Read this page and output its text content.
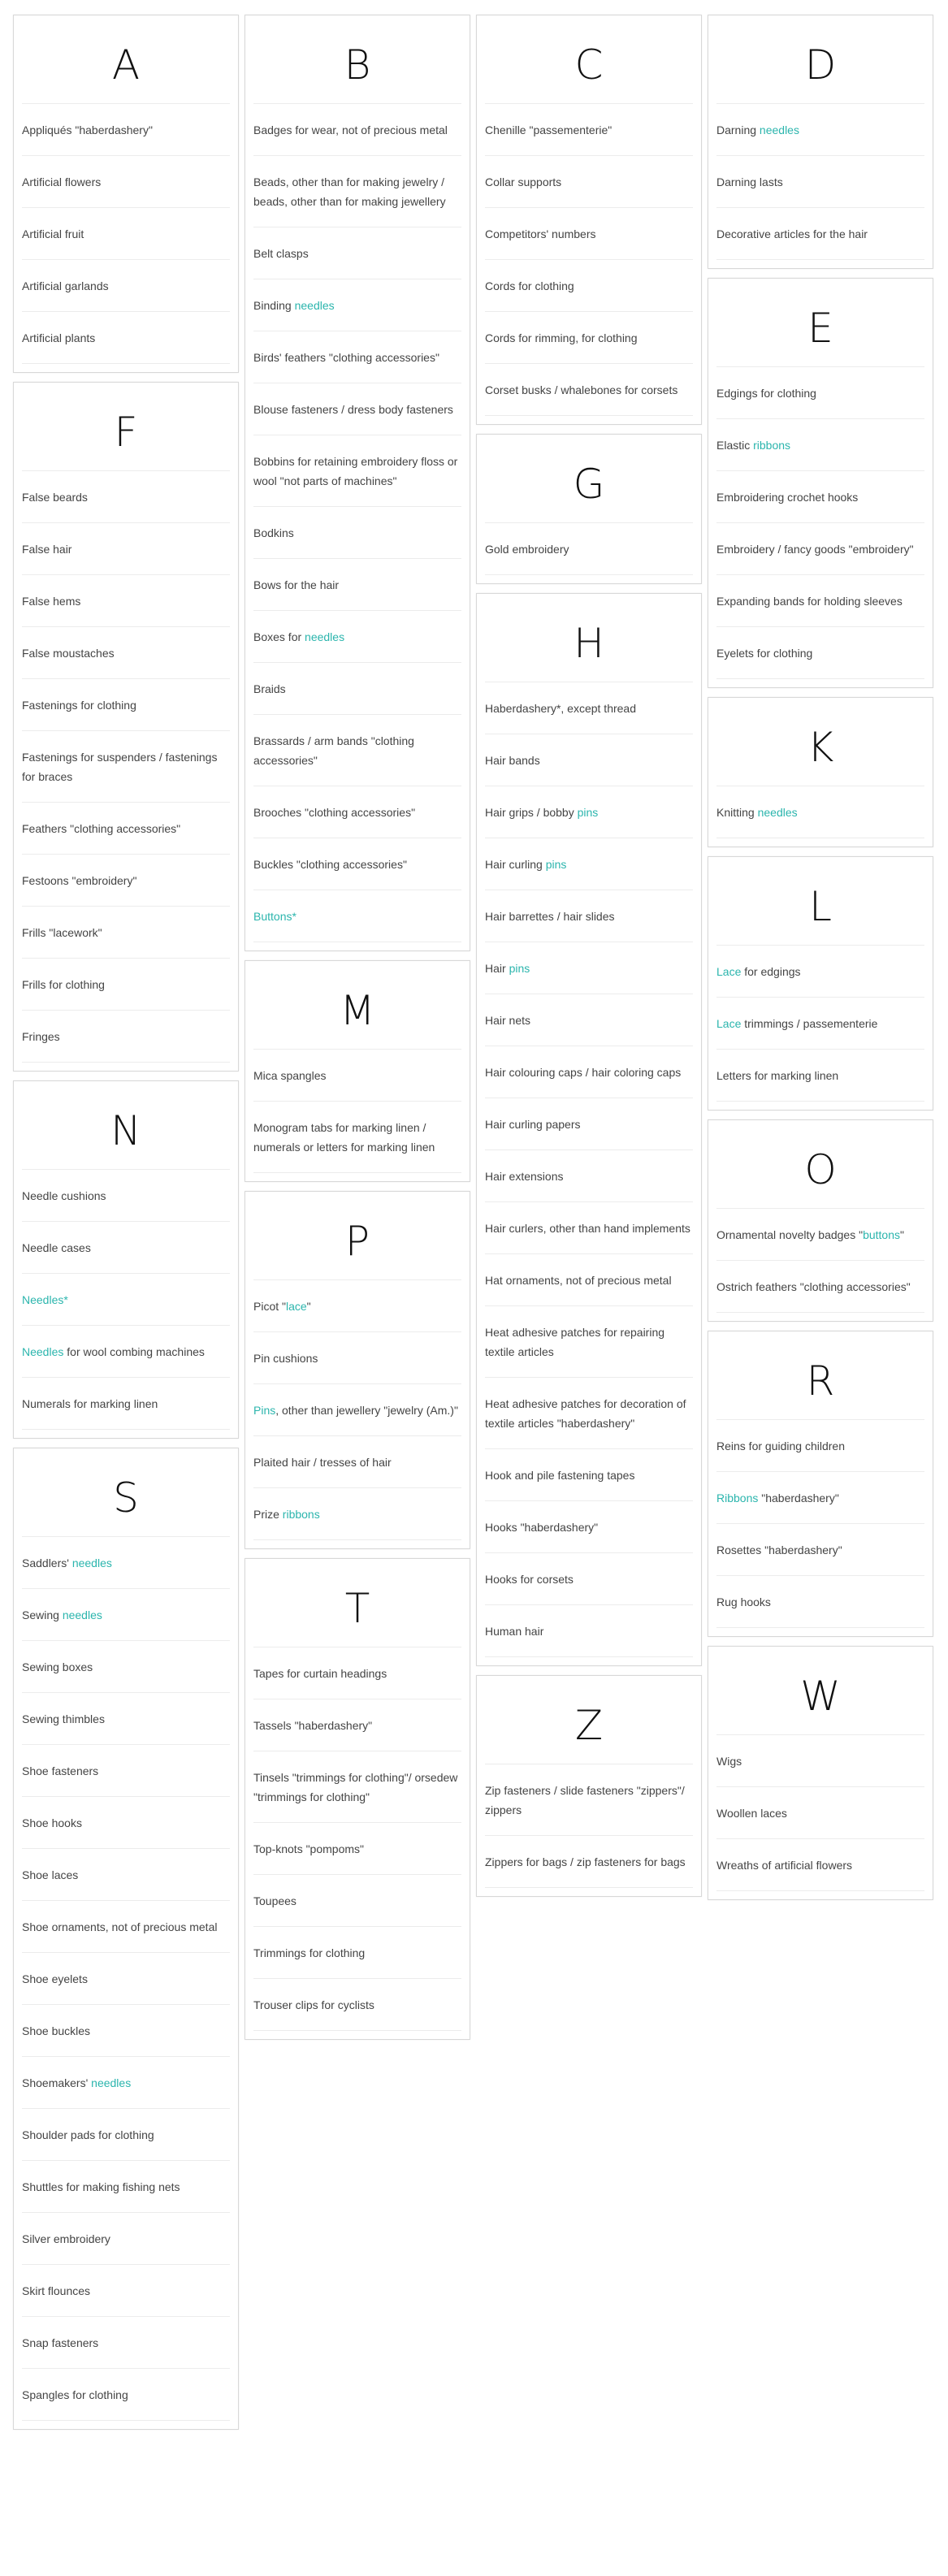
A
Appliqués "haberdashery"
Artificial flowers
Artificial fruit
Artificial garlands
Artificial plants
F
False beards
False hair
False hems
False moustaches
Fastenings for clothing
Fastenings for suspenders / fastenings for braces
Feathers "clothing accessories"
Festoons "embroidery"
Frills "lacework"
Frills for clothing
Fringes
N
Needle cushions
Needle cases
Needles*
Needles for wool combing machines
Numerals for marking linen
S
Saddlers' needles
Sewing needles
Sewing boxes
Sewing thimbles
Shoe fasteners
Shoe hooks
Shoe laces
Shoe ornaments, not of precious metal
Shoe eyelets
Shoe buckles
Shoemakers' needles
Shoulder pads for clothing
Shuttles for making fishing nets
Silver embroidery
Skirt flounces
Snap fasteners
Spangles for clothing
B
Badges for wear, not of precious metal
Beads, other than for making jewelry / beads, other than for making jewellery
Belt clasps
Binding needles
Birds' feathers "clothing accessories"
Blouse fasteners / dress body fasteners
Bobbins for retaining embroidery floss or wool "not parts of machines"
Bodkins
Bows for the hair
Boxes for needles
Braids
Brassards / arm bands "clothing accessories"
Brooches "clothing accessories"
Buckles "clothing accessories"
Buttons*
M
Mica spangles
Monogram tabs for marking linen / numerals or letters for marking linen
P
Picot "lace"
Pin cushions
Pins, other than jewellery "jewelry (Am.)"
Plaited hair / tresses of hair
Prize ribbons
T
Tapes for curtain headings
Tassels "haberdashery"
Tinsels "trimmings for clothing"/ orsedew "trimmings for clothing"
Top-knots "pompoms"
Toupees
Trimmings for clothing
Trouser clips for cyclists
C
Chenille "passementerie"
Collar supports
Competitors' numbers
Cords for clothing
Cords for rimming, for clothing
Corset busks / whalebones for corsets
G
Gold embroidery
H
Haberdashery*, except thread
Hair bands
Hair grips / bobby pins
Hair curling pins
Hair barrettes / hair slides
Hair pins
Hair nets
Hair colouring caps / hair coloring caps
Hair curling papers
Hair extensions
Hair curlers, other than hand implements
Hat ornaments, not of precious metal
Heat adhesive patches for repairing textile articles
Heat adhesive patches for decoration of textile articles "haberdashery"
Hook and pile fastening tapes
Hooks "haberdashery"
Hooks for corsets
Human hair
Z
Zip fasteners / slide fasteners "zippers"/ zippers
Zippers for bags / zip fasteners for bags
D
Darning needles
Darning lasts
Decorative articles for the hair
E
Edgings for clothing
Elastic ribbons
Embroidering crochet hooks
Embroidery / fancy goods "embroidery"
Expanding bands for holding sleeves
Eyelets for clothing
K
Knitting needles
L
Lace for edgings
Lace trimmings / passementerie
Letters for marking linen
O
Ornamental novelty badges "buttons"
Ostrich feathers "clothing accessories"
R
Reins for guiding children
Ribbons "haberdashery"
Rosettes "haberdashery"
Rug hooks
W
Wigs
Woollen laces
Wreaths of artificial flowers
